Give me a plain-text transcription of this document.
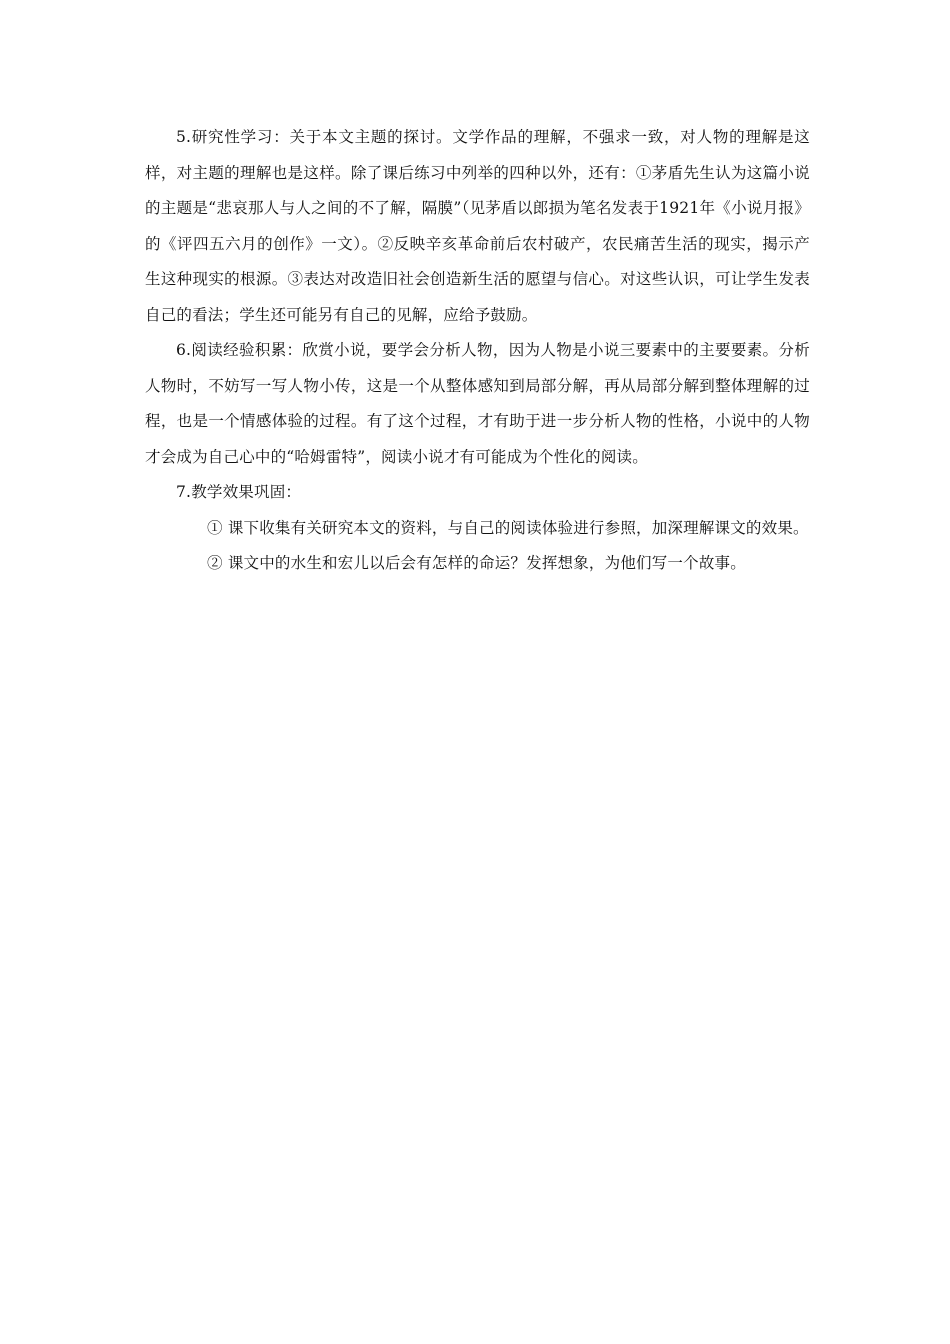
5.研究性学习：关于本文主题的探讨。文学作品的理解，不强求一致，对人物的理解是这样，对主题的理解也是这样。除了课后练习中列举的四种以外，还有：①茅盾先生认为这篇小说的主题是“悲哀那人与人之间的不了解，隔膜”（见茅盾以郎损为笔名发表于1921年《小说月报》的《评四五六月的创作》一文）。②反映辛亥革命前后农村破产，农民痛苦生活的现实，揭示产生这种现实的根源。③表达对改造旧社会创造新生活的愿望与信心。对这些认识，可让学生发表自己的看法；学生还可能另有自己的见解，应给予鼓励。

6.阅读经验积累：欣赏小说，要学会分析人物，因为人物是小说三要素中的主要要素。分析人物时，不妨写一写人物小传，这是一个从整体感知到局部分解，再从局部分解到整体理解的过程，也是一个情感体验的过程。有了这个过程，才有助于进一步分析人物的性格，小说中的人物才会成为自己心中的“哈姆雷特”，阅读小说才有可能成为个性化的阅读。

7.教学效果巩固：

① 课下收集有关研究本文的资料，与自己的阅读体验进行参照，加深理解课文的效果。

② 课文中的水生和宏儿以后会有怎样的命运？发挥想象，为他们写一个故事。
